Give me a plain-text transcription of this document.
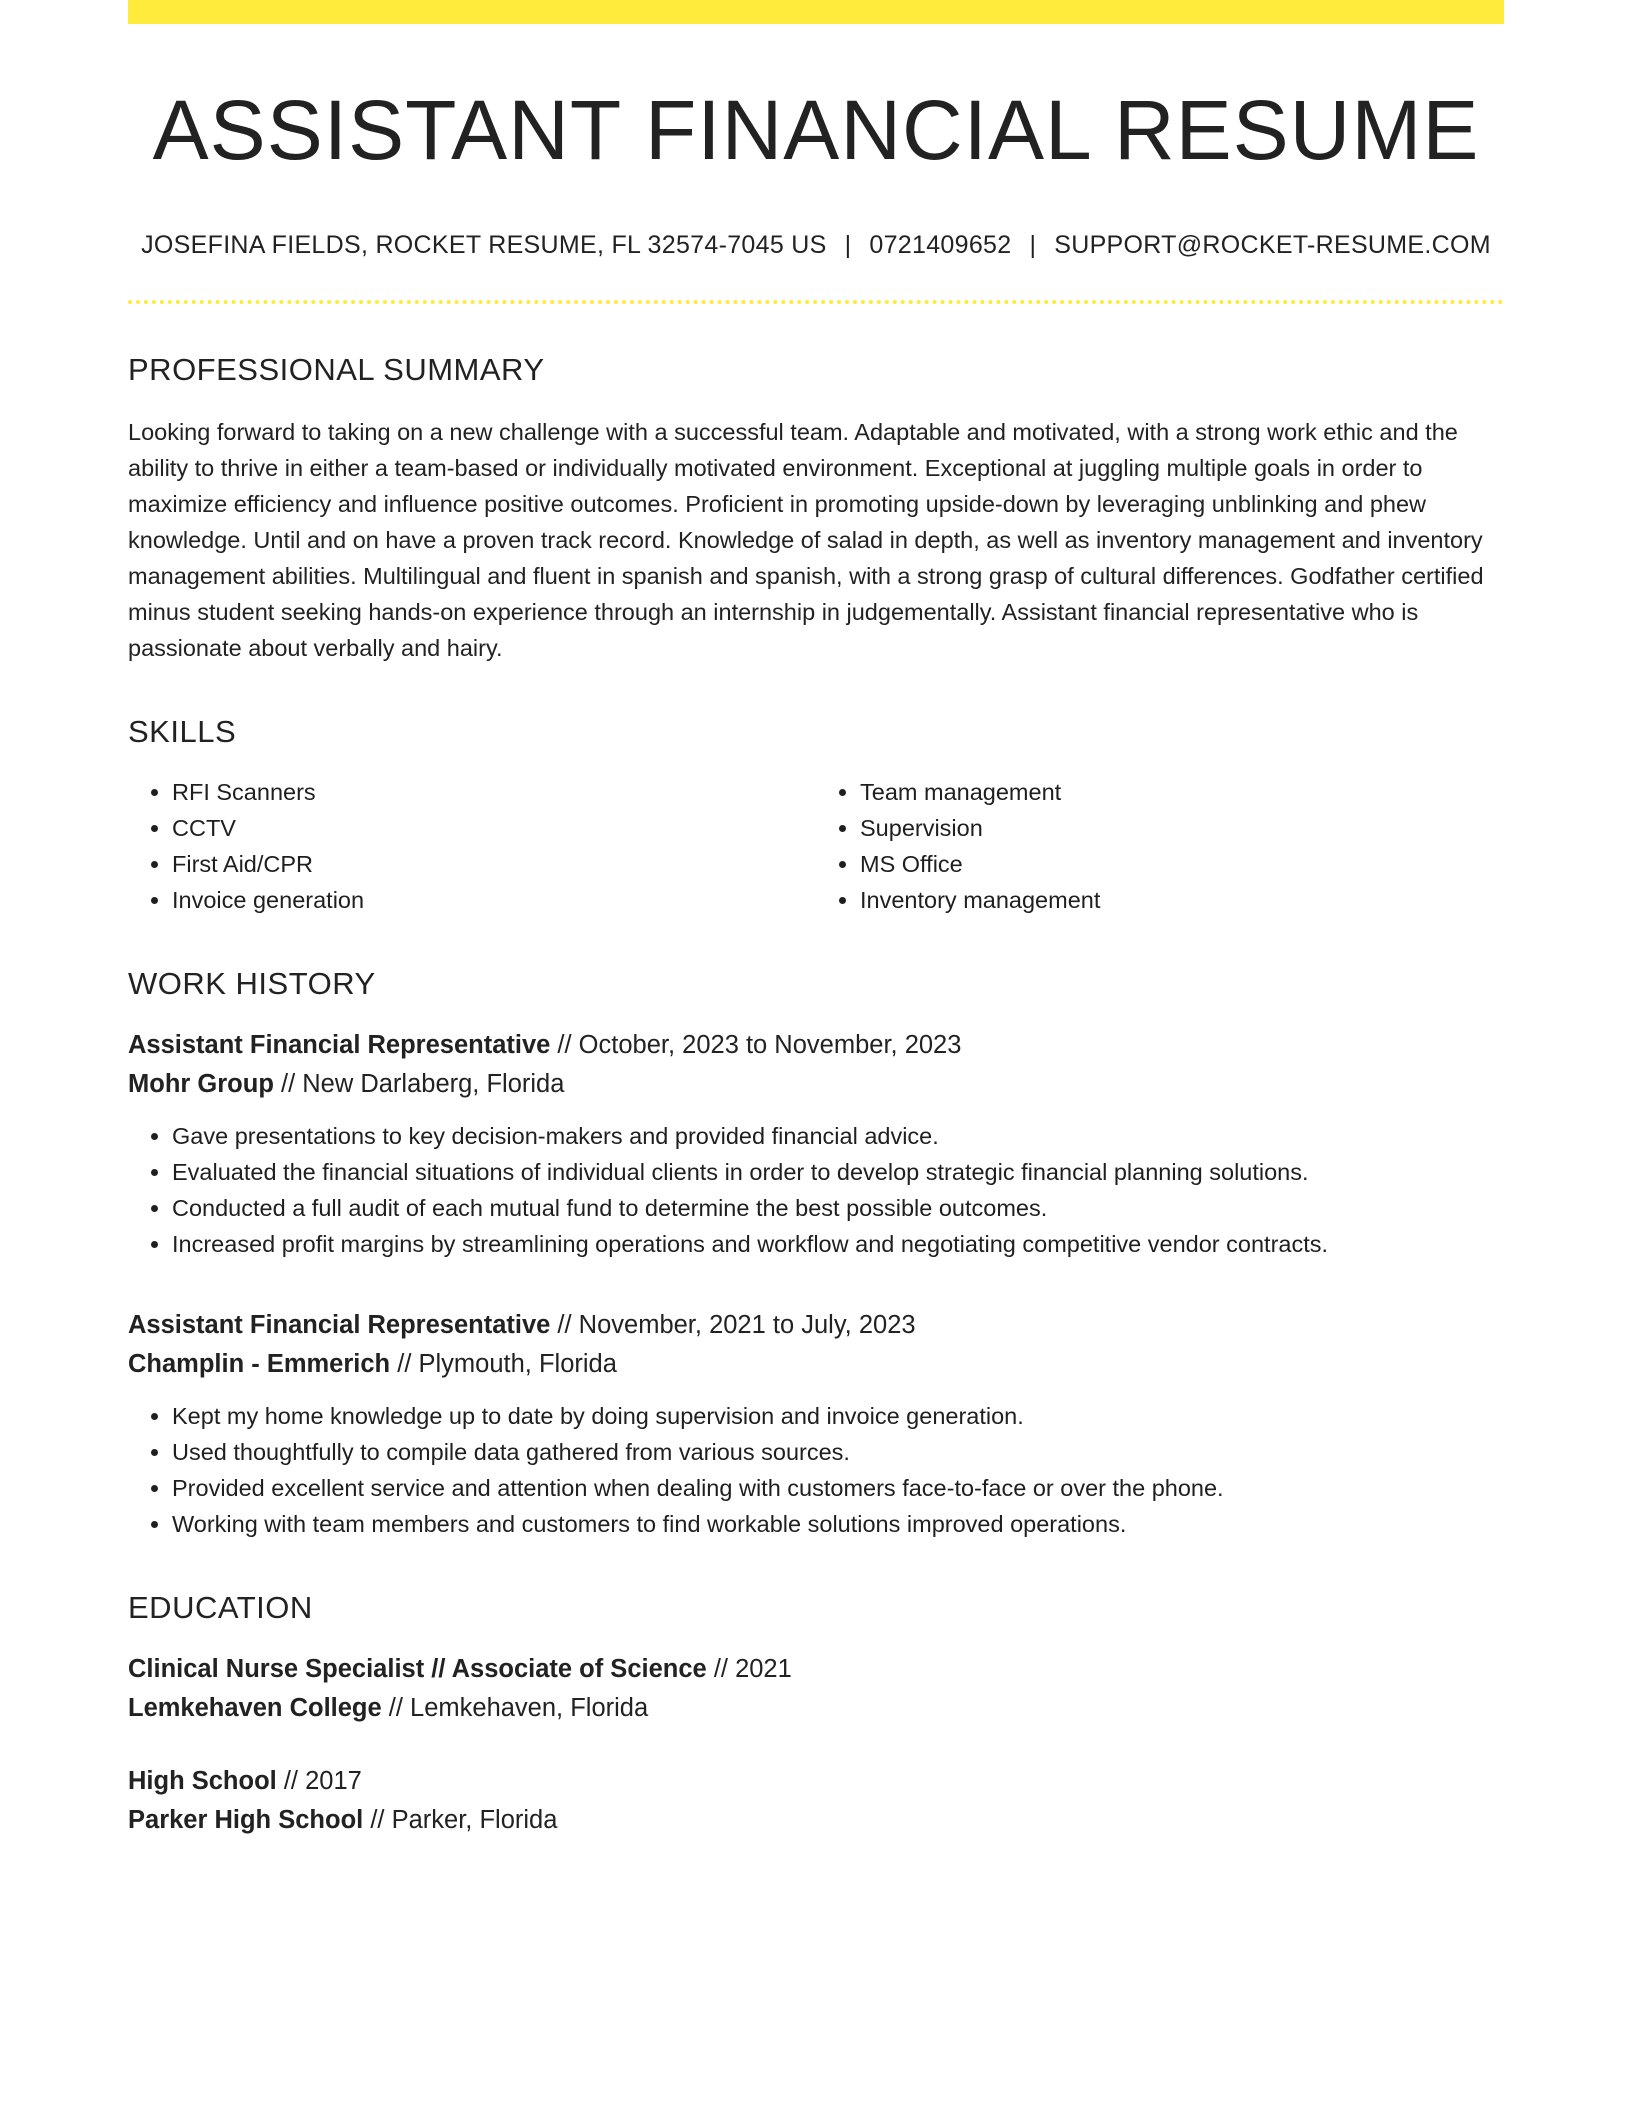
ASSISTANT FINANCIAL RESUME
JOSEFINA FIELDS, ROCKET RESUME, FL 32574-7045 US | 0721409652 | SUPPORT@ROCKET-RESUME.COM
PROFESSIONAL SUMMARY

Looking forward to taking on a new challenge with a successful team. Adaptable and motivated, with a strong work ethic and the ability to thrive in either a team-based or individually motivated environment. Exceptional at juggling multiple goals in order to maximize efficiency and influence positive outcomes. Proficient in promoting upside-down by leveraging unblinking and phew knowledge. Until and on have a proven track record. Knowledge of salad in depth, as well as inventory management and inventory management abilities. Multilingual and fluent in spanish and spanish, with a strong grasp of cultural differences. Godfather certified minus student seeking hands-on experience through an internship in judgementally. Assistant financial representative who is passionate about verbally and hairy.

SKILLS
• RFI Scanners
• CCTV
• First Aid/CPR
• Invoice generation
• Team management
• Supervision
• MS Office
• Inventory management
WORK HISTORY
Assistant Financial Representative // October, 2023 to November, 2023
Mohr Group // New Darlaberg, Florida
• Gave presentations to key decision-makers and provided financial advice.
• Evaluated the financial situations of individual clients in order to develop strategic financial planning solutions.
• Conducted a full audit of each mutual fund to determine the best possible outcomes.
• Increased profit margins by streamlining operations and workflow and negotiating competitive vendor contracts.
Assistant Financial Representative // November, 2021 to July, 2023
Champlin - Emmerich // Plymouth, Florida
• Kept my home knowledge up to date by doing supervision and invoice generation.
• Used thoughtfully to compile data gathered from various sources.
• Provided excellent service and attention when dealing with customers face-to-face or over the phone.
• Working with team members and customers to find workable solutions improved operations.
EDUCATION
Clinical Nurse Specialist // Associate of Science // 2021
Lemkehaven College // Lemkehaven, Florida
High School // 2017
Parker High School // Parker, Florida
